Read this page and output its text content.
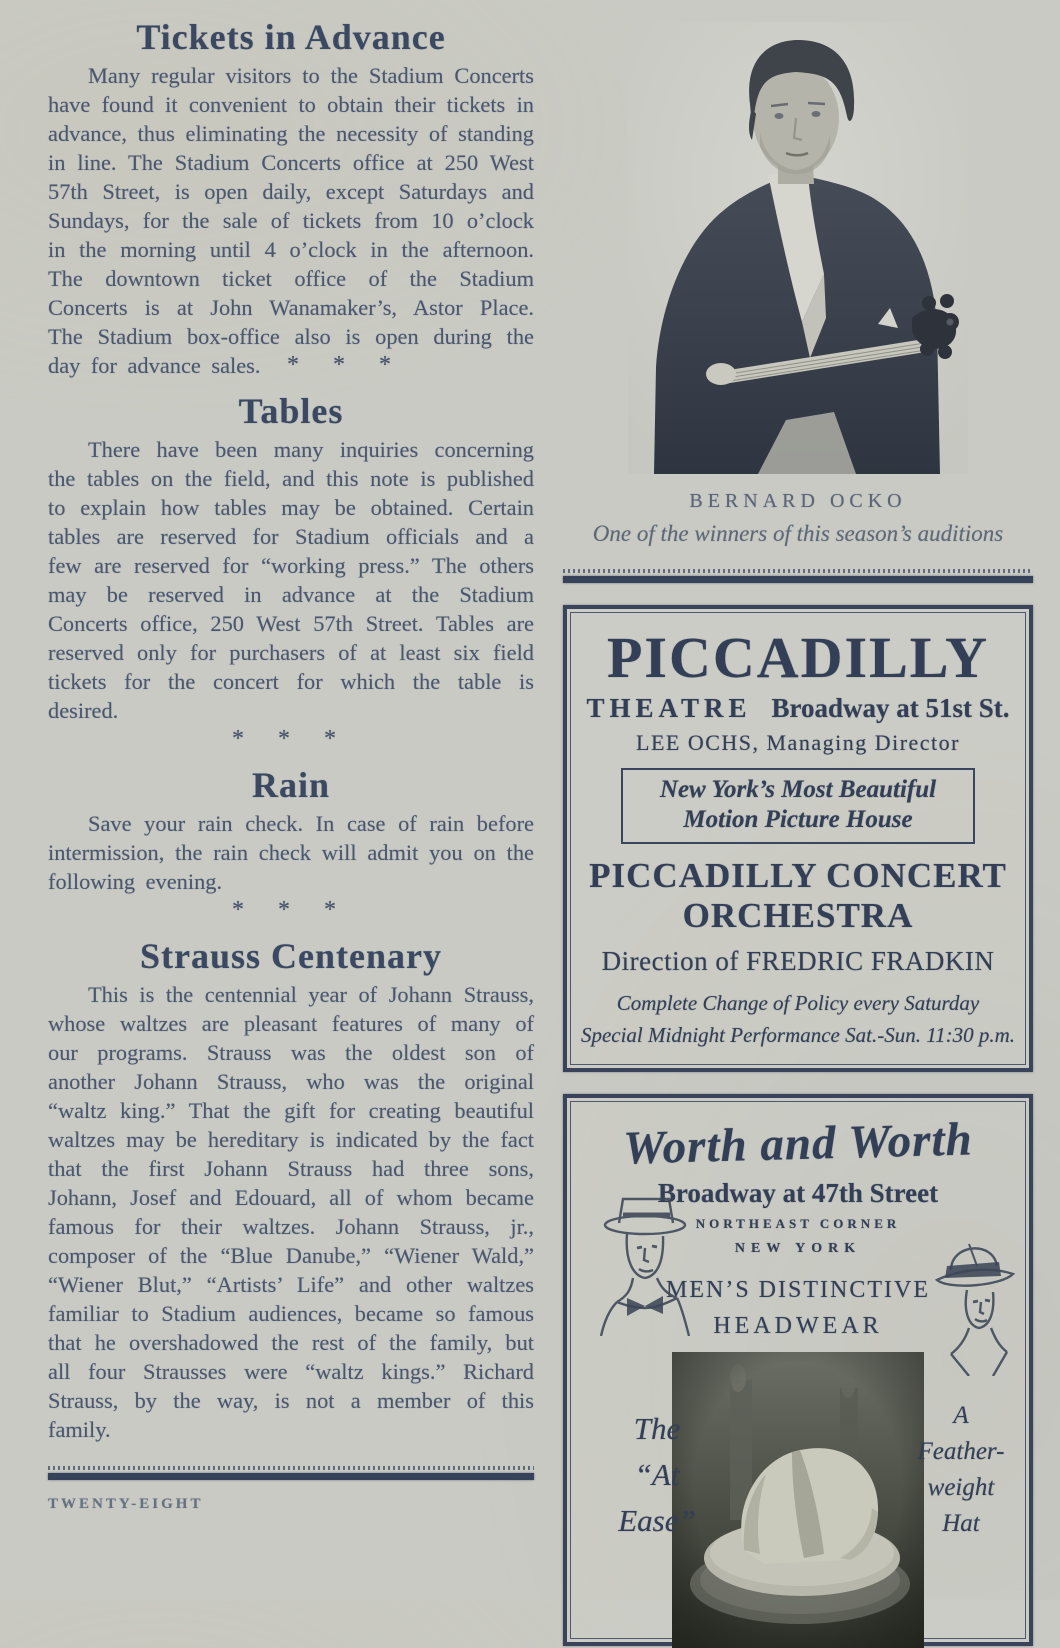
Tickets in Advance

Many regular visitors to the Stadium Concerts have found it convenient to obtain their tickets in advance, thus eliminating the necessity of standing in line. The Stadium Concerts office at 250 West 57th Street, is open daily, except Saturdays and Sundays, for the sale of tickets from 10 o’clock in the morning until 4 o’clock in the afternoon. The downtown ticket office of the Stadium Concerts is at John Wanamaker’s, Astor Place. The Stadium box-office also is open during the day for advance sales.	* * *
Tables

There have been many inquiries concerning the tables on the field, and this note is published to explain how tables may be obtained. Certain tables are reserved for Stadium officials and a few are reserved for “working press.” The others may be reserved in advance at the Stadium Concerts office, 250 West 57th Street. Tables are reserved only for purchasers of at least six field tickets for the concert for which the table is desired.

* * *
Rain

Save your rain check. In case of rain before intermission, the rain check will admit you on the following evening.

* * *
Strauss Centenary

This is the centennial year of Johann Strauss, whose waltzes are pleasant features of many of our programs. Strauss was the oldest son of another Johann Strauss, who was the original “waltz king.” That the gift for creating beautiful waltzes may be hereditary is indicated by the fact that the first Johann Strauss had three sons, Johann, Josef and Edouard, all of whom became famous for their waltzes. Johann Strauss, jr., composer of the “Blue Danube,” “Wiener Wald,” “Wiener Blut,” “Artists’ Life” and other waltzes familiar to Stadium audiences, became so famous that he overshadowed the rest of the family, but all four Strausses were “waltz kings.” Richard Strauss, by the way, is not a member of this family.

TWENTY-EIGHT
BERNARD OCKO
One of the winners of this season’s auditions
PICCADILLY
THEATRE Broadway at 51st St.
LEE OCHS, Managing Director
New York’s Most Beautiful
Motion Picture House
PICCADILLY CONCERT
ORCHESTRA
Direction of FREDRIC FRADKIN
Complete Change of Policy every Saturday
Special Midnight Performance Sat.-Sun. 11:30 p.m.
Worth and Worth
Broadway at 47th Street
NORTHEAST CORNER
NEW YORK
MEN’S DISTINCTIVE
HEADWEAR
The
“At
Ease”
A
Feather-
weight
Hat
